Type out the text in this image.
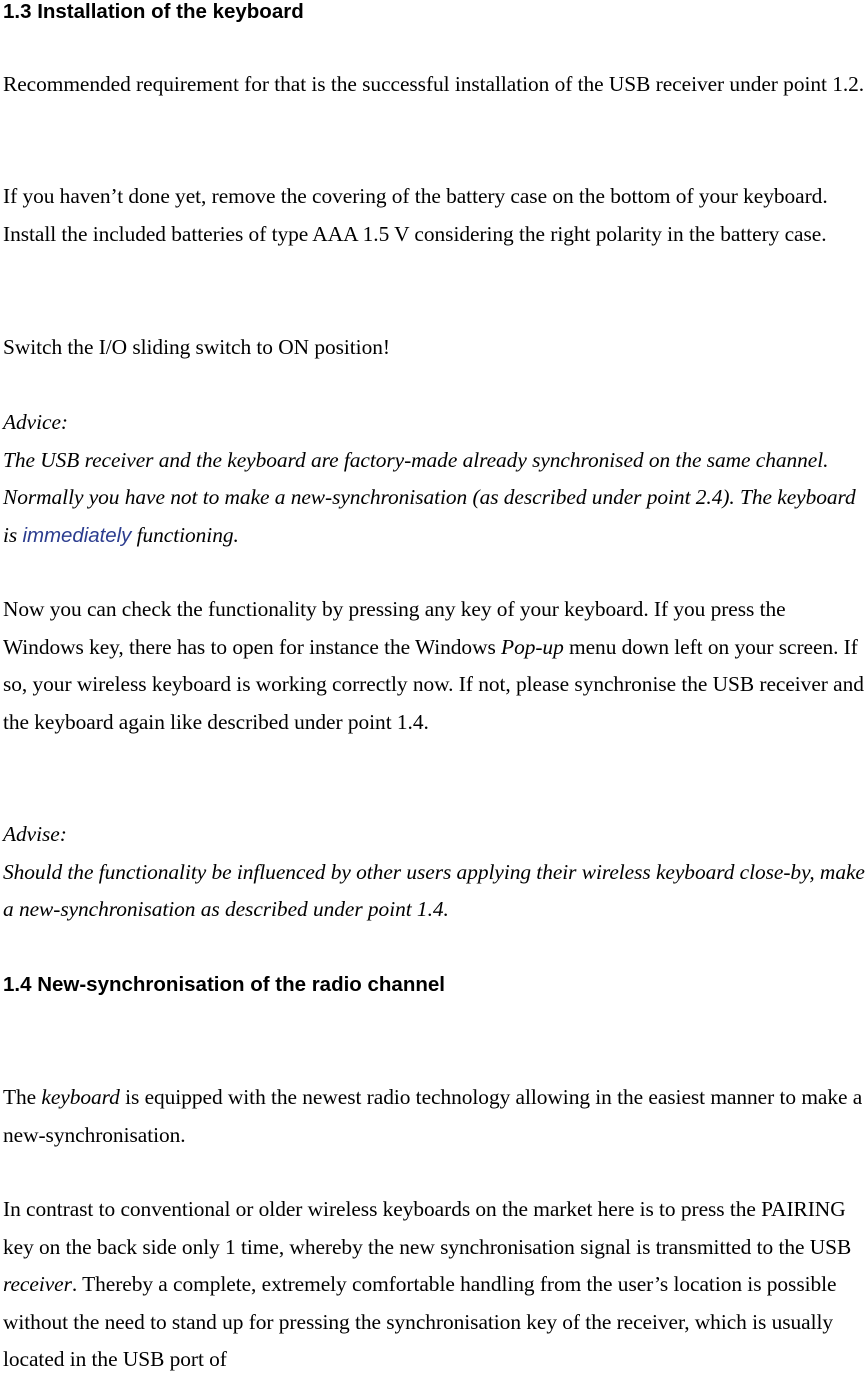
1.3 Installation of the keyboard

Recommended requirement for that is the successful installation of the USB receiver under point 1.2.

If you haven’t done yet, remove the covering of the battery case on the bottom of your keyboard. Install the included batteries of type AAA 1.5 V considering the right polarity in the battery case.

Switch the I/O sliding switch to ON position!

Advice:
The USB receiver and the keyboard are factory-made already synchronised on the same channel. Normally you have not to make a new-synchronisation (as described under point 2.4). The keyboard is immediately functioning.

Now you can check the functionality by pressing any key of your keyboard. If you press the Windows key, there has to open for instance the Windows Pop-up menu down left on your screen. If so, your wireless keyboard is working correctly now. If not, please synchronise the USB receiver and the keyboard again like described under point 1.4.

Advise:
Should the functionality be influenced by other users applying their wireless keyboard close-by, make a new-synchronisation as described under point 1.4.
1.4 New-synchronisation of the radio channel

The keyboard is equipped with the newest radio technology allowing in the easiest manner to make a new-synchronisation.

In contrast to conventional or older wireless keyboards on the market here is to press the PAIRING key on the back side only 1 time, whereby the new synchronisation signal is transmitted to the USB receiver. Thereby a complete, extremely comfortable handling from the user’s location is possible without the need to stand up for pressing the synchronisation key of the receiver, which is usually located in the USB port of
